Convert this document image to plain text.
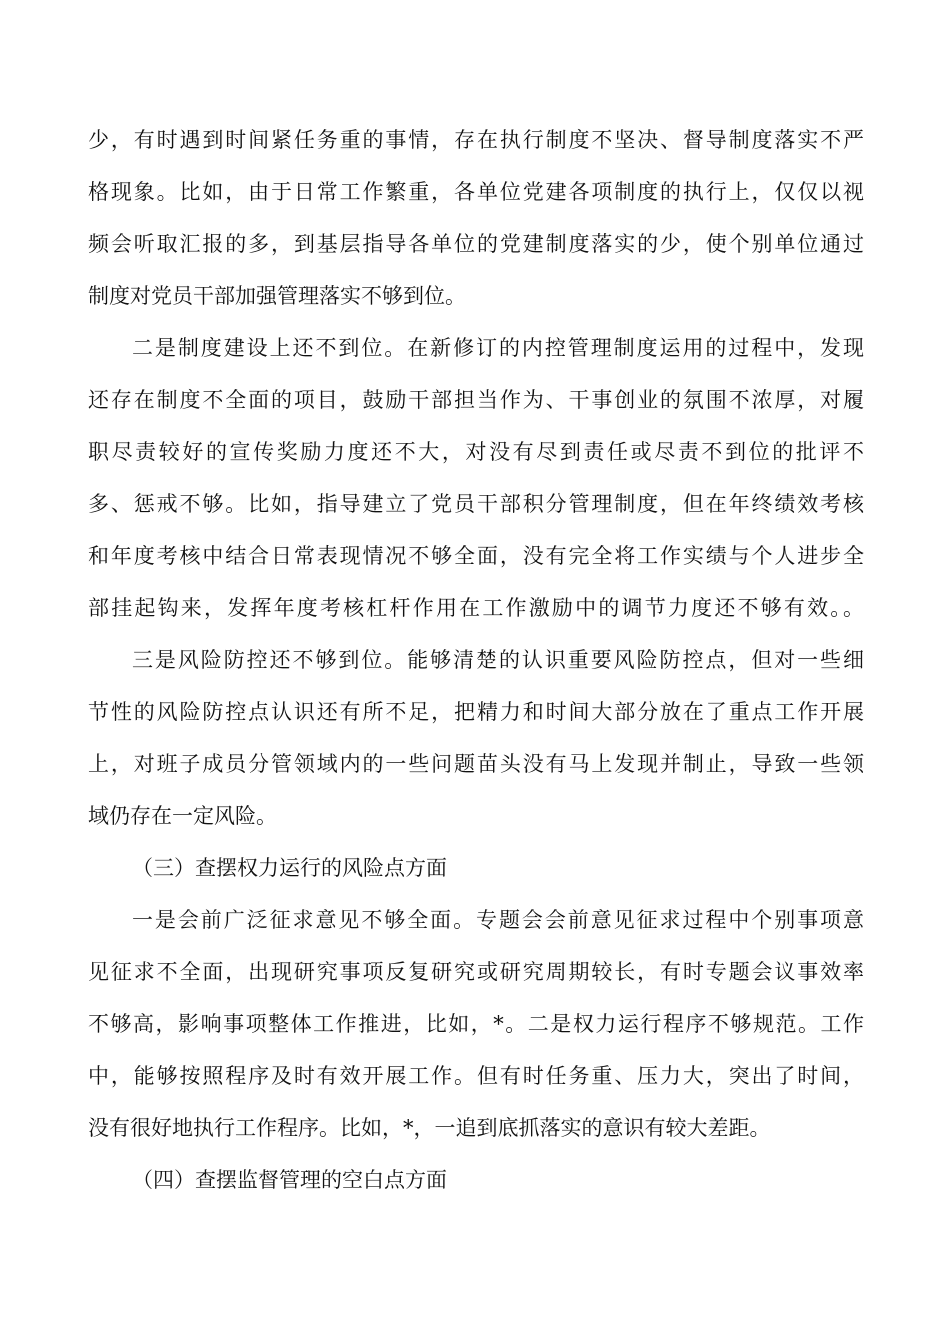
少，有时遇到时间紧任务重的事情，存在执行制度不坚决、督导制度落实不严
格现象。比如，由于日常工作繁重，各单位党建各项制度的执行上，仅仅以视
频会听取汇报的多，到基层指导各单位的党建制度落实的少，使个别单位通过
制度对党员干部加强管理落实不够到位。
二是制度建设上还不到位。在新修订的内控管理制度运用的过程中，发现
还存在制度不全面的项目，鼓励干部担当作为、干事创业的氛围不浓厚，对履
职尽责较好的宣传奖励力度还不大，对没有尽到责任或尽责不到位的批评不
多、惩戒不够。比如，指导建立了党员干部积分管理制度，但在年终绩效考核
和年度考核中结合日常表现情况不够全面，没有完全将工作实绩与个人进步全
部挂起钩来，发挥年度考核杠杆作用在工作激励中的调节力度还不够有效。。
三是风险防控还不够到位。能够清楚的认识重要风险防控点，但对一些细
节性的风险防控点认识还有所不足，把精力和时间大部分放在了重点工作开展
上，对班子成员分管领域内的一些问题苗头没有马上发现并制止，导致一些领
域仍存在一定风险。
（三）查摆权力运行的风险点方面
一是会前广泛征求意见不够全面。专题会会前意见征求过程中个别事项意
见征求不全面，出现研究事项反复研究或研究周期较长，有时专题会议事效率
不够高，影响事项整体工作推进，比如，*。二是权力运行程序不够规范。工作
中，能够按照程序及时有效开展工作。但有时任务重、压力大，突出了时间，
没有很好地执行工作程序。比如，*，一追到底抓落实的意识有较大差距。
（四）查摆监督管理的空白点方面
